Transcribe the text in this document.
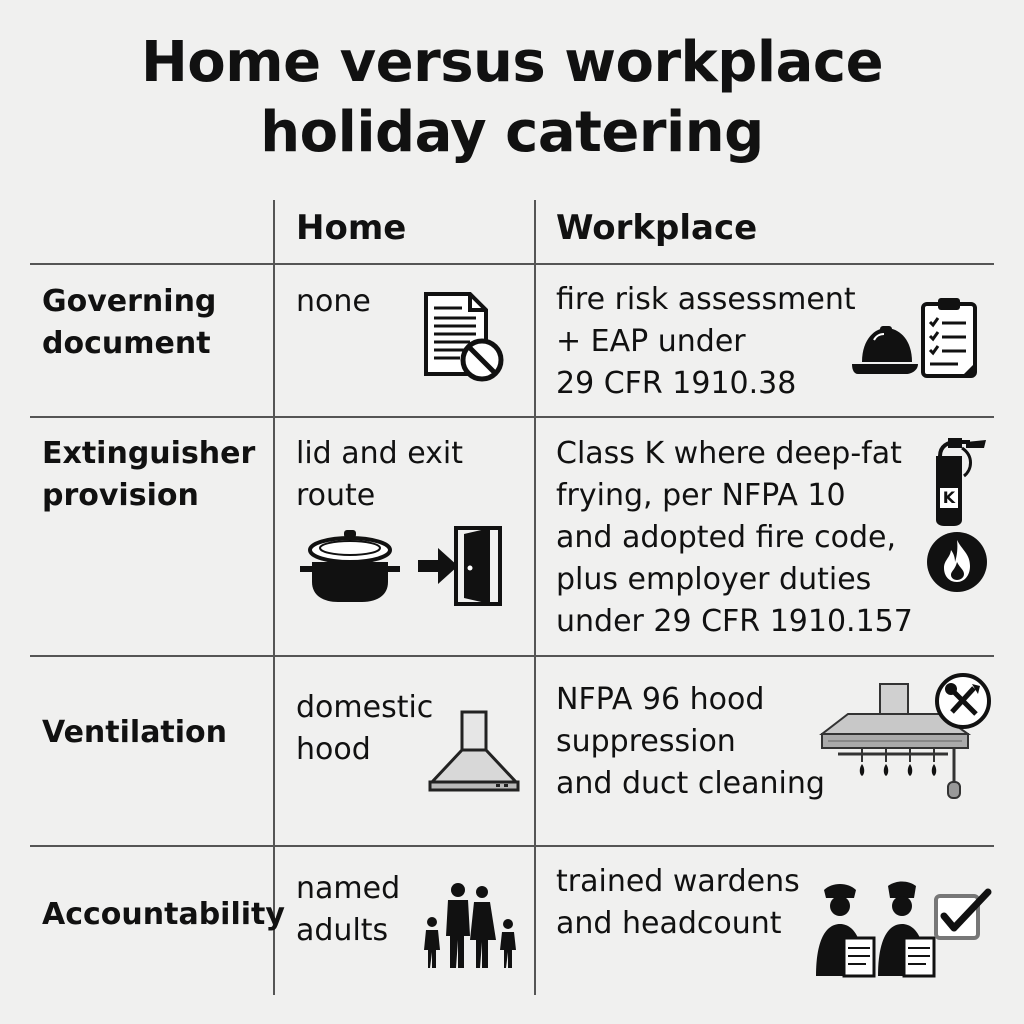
Home versus workplace
holiday catering
Home	Workplace
Governing
document
none	fire risk assessment
+ EAP under
29 CFR 1910.38
Extinguisher
provision
lid and exit
route
Class K where deep-fat
frying, per NFPA 10
and adopted fire code,
plus employer duties
under 29 CFR 1910.157
K
Ventilation
domestic
hood
NFPA 96 hood
suppression
and duct cleaning
Accountability
named
adults
trained wardens
and headcount
